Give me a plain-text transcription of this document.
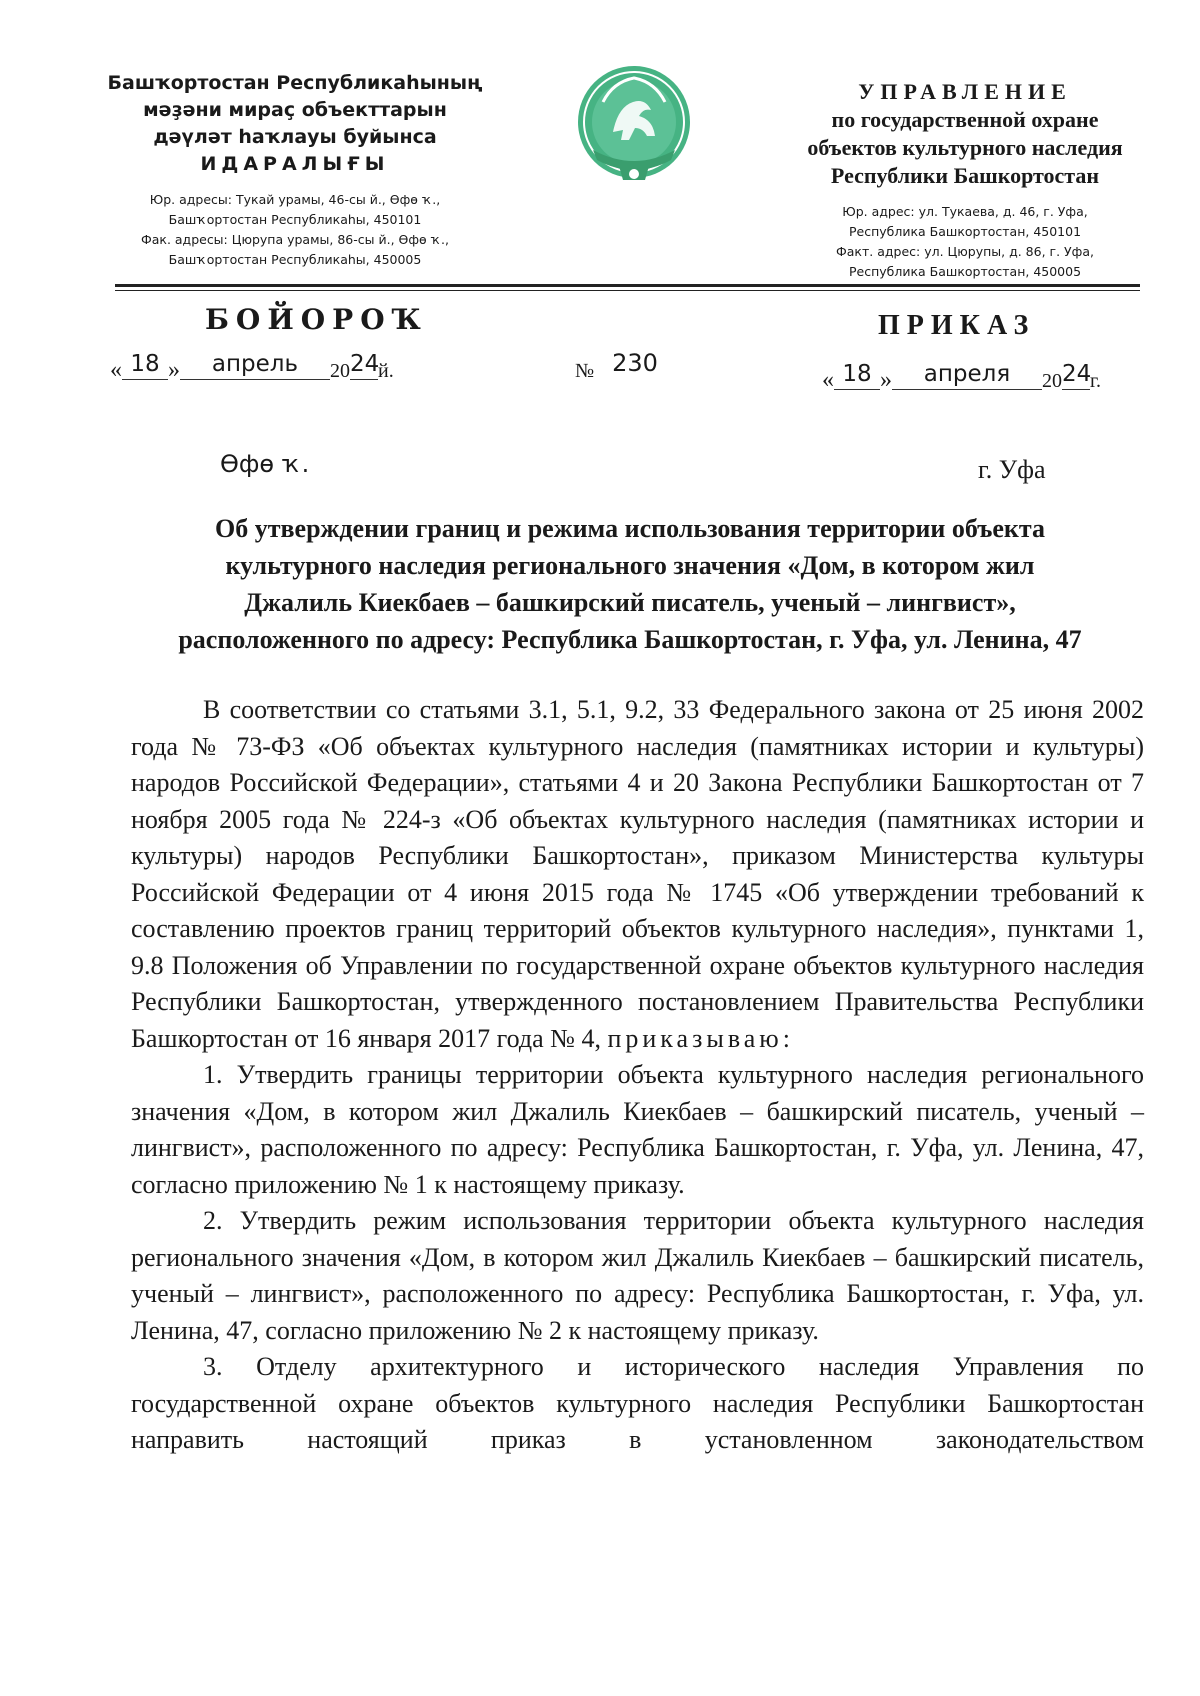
Башҡортостан Республикаһының
мәҙәни мираҫ объекттарын
дәүләт һаҡлауы буйынса
ИДАРАЛЫҒЫ
Юр. адресы: Тукай урамы, 46-сы й., Өфө ҡ.,
Башҡортостан Республикаһы, 450101
Фак. адресы: Цюрупа урамы, 86-сы й., Өфө ҡ.,
Башҡортостан Республикаһы, 450005
УПРАВЛЕНИЕ
по государственной охране
объектов культурного наследия
Республики Башкортостан
Юр. адрес: ул. Тукаева, д. 46, г. Уфа,
Республика Башкортостан, 450101
Факт. адрес: ул. Цюрупы, д. 86, г. Уфа,
Республика Башкортостан, 450005
БОЙОРОҠ	ПРИКАЗ
« 18 » апрель 2024й.	№ 230
« 18 » апреля 2024г.
Өфө ҡ.	г. Уфа
Об утверждении границ и режима использования территории объекта
культурного наследия регионального значения «Дом, в котором жил
Джалиль Киекбаев – башкирский писатель, ученый – лингвист»,
расположенного по адресу: Республика Башкортостан, г. Уфа, ул. Ленина, 47

В соответствии со статьями 3.1, 5.1, 9.2, 33 Федерального закона от 25 июня 2002 года № 73-ФЗ «Об объектах культурного наследия (памятниках истории и культуры) народов Российской Федерации», статьями 4 и 20 Закона Республики Башкортостан от 7 ноября 2005 года № 224-з «Об объектах культурного наследия (памятниках истории и культуры) народов Республики Башкортостан», приказом Министерства культуры Российской Федерации от 4 июня 2015 года № 1745 «Об утверждении требований к составлению проектов границ территорий объектов культурного наследия», пунктами 1, 9.8 Положения об Управлении по государственной охране объектов культурного наследия Республики Башкортостан, утвержденного постановлением Правительства Республики Башкортостан от 16 января 2017 года № 4, приказываю:

1. Утвердить границы территории объекта культурного наследия регионального значения «Дом, в котором жил Джалиль Киекбаев – башкирский писатель, ученый – лингвист», расположенного по адресу: Республика Башкортостан, г. Уфа, ул. Ленина, 47, согласно приложению № 1 к настоящему приказу.

2. Утвердить режим использования территории объекта культурного наследия регионального значения «Дом, в котором жил Джалиль Киекбаев – башкирский писатель, ученый – лингвист», расположенного по адресу: Республика Башкортостан, г. Уфа, ул. Ленина, 47, согласно приложению № 2 к настоящему приказу.

3. Отделу архитектурного и исторического наследия Управления по государственной охране объектов культурного наследия Республики Башкортостан направить настоящий приказ в установленном законодательством
